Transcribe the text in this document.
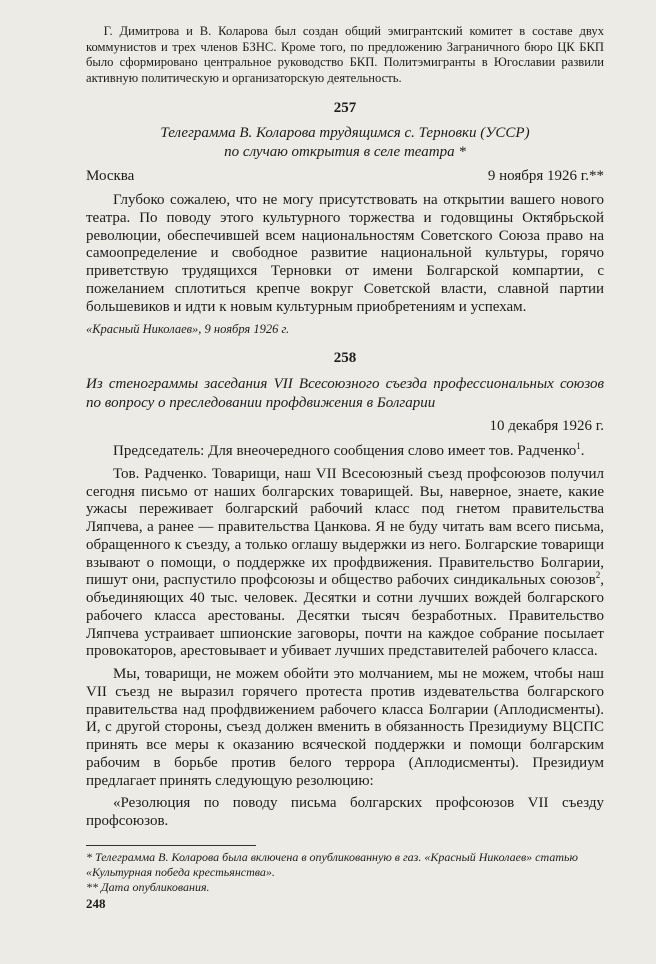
Г. Димитрова и В. Коларова был создан общий эмигрантский комитет в составе двух коммунистов и трех членов БЗНС. Кроме того, по предложению Заграничного бюро ЦК БКП было сформировано центральное руководство БКП. Политэмигранты в Югославии развили активную политическую и организаторскую деятельность.

257
Телеграмма В. Коларова трудящимся с. Терновки (УССР)
по случаю открытия в селе театра *
Москва	9 ноября 1926 г.**

Глубоко сожалею, что не могу присутствовать на открытии вашего нового театра. По поводу этого культурного торжества и годовщины Октябрьской революции, обеспечившей всем национальностям Советского Союза право на самоопределение и свободное развитие национальной культуры, горячо приветствую трудящихся Терновки от имени Болгарской компартии, с пожеланием сплотиться крепче вокруг Советской власти, славной партии большевиков и идти к новым культурным приобретениям и успехам.

«Красный Николаев», 9 ноября 1926 г.

258

Из стенограммы заседания VII Всесоюзного съезда профессиональных союзов по вопросу о преследовании профдвижения в Болгарии

10 декабря 1926 г.

Председатель: Для внеочередного сообщения слово имеет тов. Радченко$^1$.

Тов. Радченко. Товарищи, наш VII Всесоюзный съезд профсоюзов получил сегодня письмо от наших болгарских товарищей. Вы, наверное, знаете, какие ужасы переживает болгарский рабочий класс под гнетом правительства Ляпчева, а ранее — правительства Цанкова. Я не буду читать вам всего письма, обращенного к съезду, а только оглашу выдержки из него. Болгарские товарищи взывают о помощи, о поддержке их профдвижения. Правительство Болгарии, пишут они, распустило профсоюзы и общество рабочих синдикальных союзов$^2$, объединяющих 40 тыс. человек. Десятки и сотни лучших вождей болгарского рабочего класса арестованы. Десятки тысяч безработных. Правительство Ляпчева устраивает шпионские заговоры, почти на каждое собрание посылает провокаторов, арестовывает и убивает лучших представителей рабочего класса.

Мы, товарищи, не можем обойти это молчанием, мы не можем, чтобы наш VII съезд не выразил горячего протеста против издевательства болгарского правительства над профдвижением рабочего класса Болгарии (Аплодисменты). И, с другой стороны, съезд должен вменить в обязанность Президиуму ВЦСПС принять все меры к оказанию всяческой поддержки и помощи болгарским рабочим в борьбе против белого террора (Аплодисменты). Президиум предлагает принять следующую резолюцию:

«Резолюция по поводу письма болгарских профсоюзов VII съезду профсоюзов.

* Телеграмма В. Коларова была включена в опубликованную в газ. «Красный Николаев» статью «Культурная победа крестьянства».

** Дата опубликования.

248
